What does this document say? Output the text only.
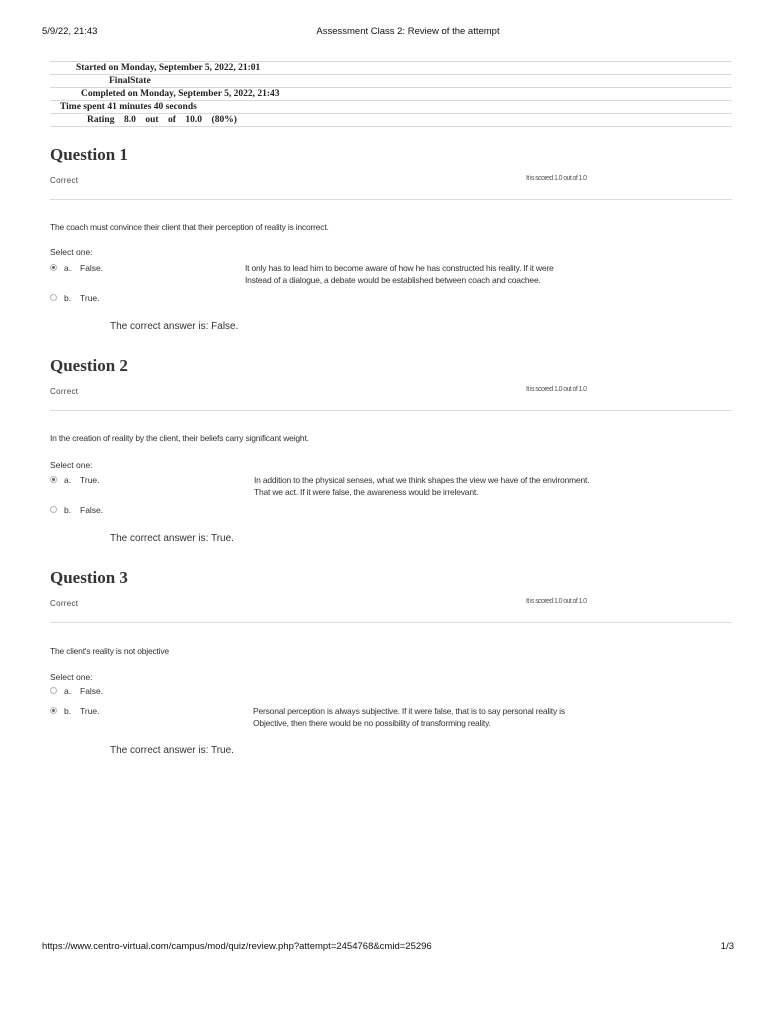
5/9/22, 21:43	Assessment Class 2: Review of the attempt
Started on Monday, September 5, 2022, 21:01
FinalState
Completed on Monday, September 5, 2022, 21:43
Time spent 41 minutes 40 seconds
Rating    8.0    out    of    10.0    (80%)
Question 1
Correct	It is scored 1.0 out of 1.0
The coach must convince their client that their perception of reality is incorrect.
Select one:
a. False.	It only has to lead him to become aware of how he has constructed his reality. If it were
Instead of a dialogue, a debate would be established between coach and coachee.
b. True.
The correct answer is: False.
Question 2
Correct	It is scored 1.0 out of 1.0
In the creation of reality by the client, their beliefs carry significant weight.
Select one:
a. True.	In addition to the physical senses, what we think shapes the view we have of the environment.
That we act. If it were false, the awareness would be irrelevant.
b. False.
The correct answer is: True.
Question 3
Correct	It is scored 1.0 out of 1.0
The client's reality is not objective
Select one:
a. False.
b. True.	Personal perception is always subjective. If it were false, that is to say personal reality is
Objective, then there would be no possibility of transforming reality.
The correct answer is: True.
https://www.centro-virtual.com/campus/mod/quiz/review.php?attempt=2454768&cmid=25296	1/3
